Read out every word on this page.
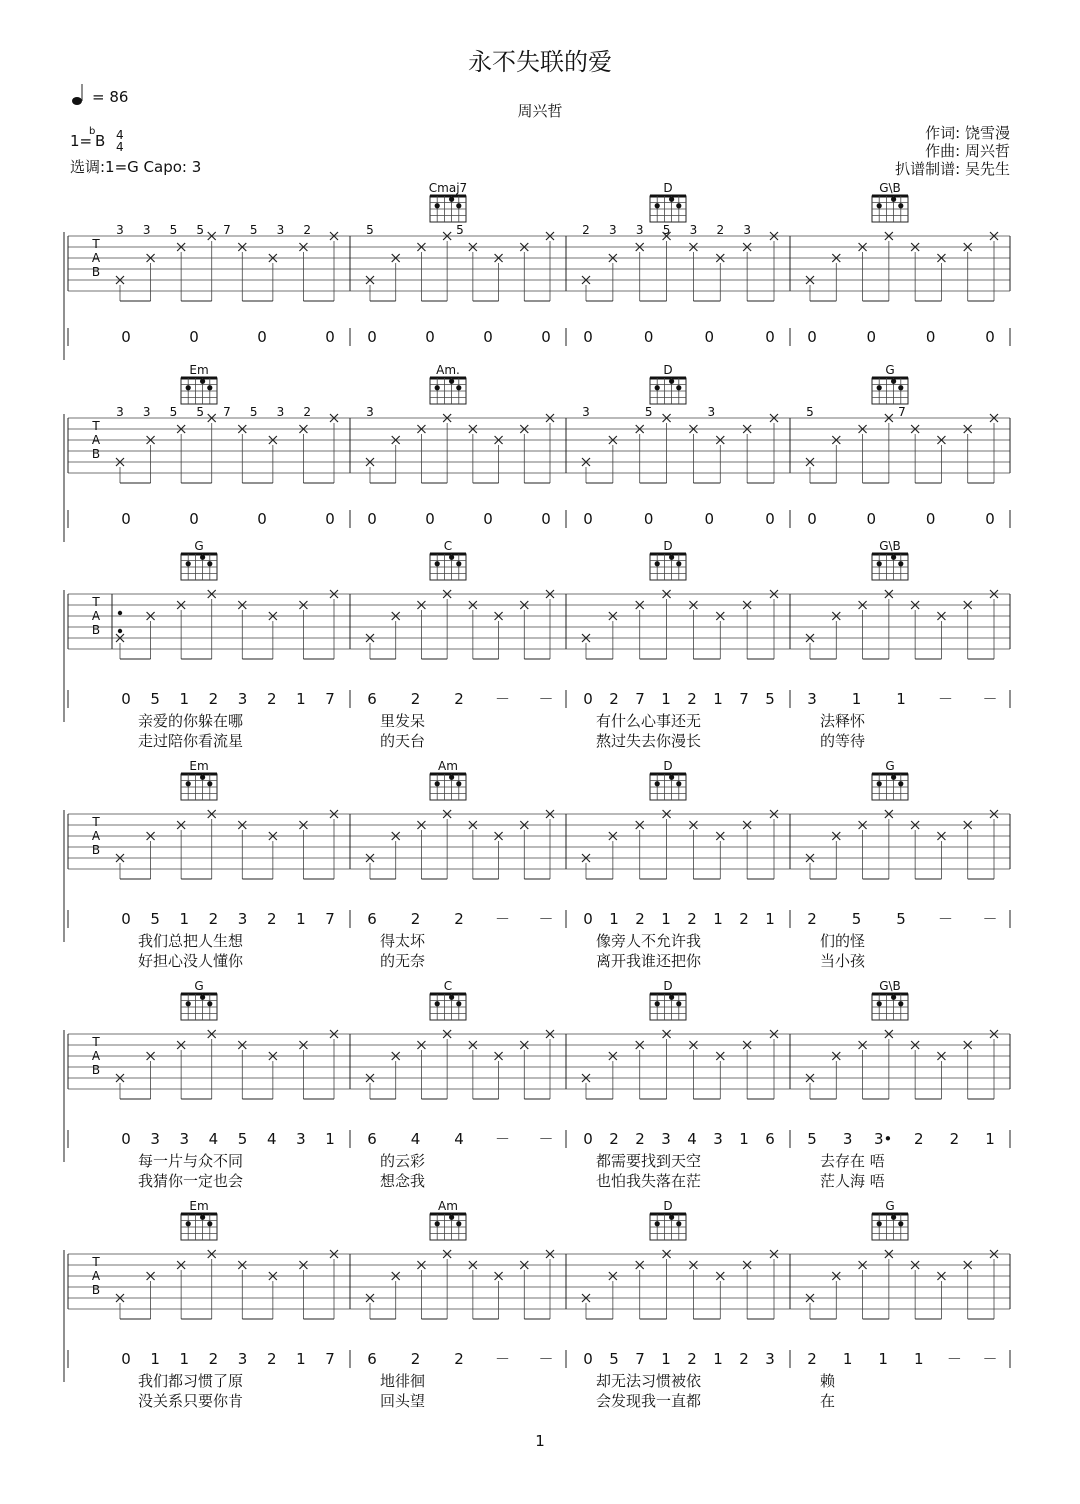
永不失联的爱
周兴哲
= 86
1=
b
B 4
4
选调:1=G Capo: 3
作词: 饶雪漫
作曲: 周兴哲
扒谱制谱: 吴先生
T
A
B
3 3 5 5 7 5 3 2
0	0	0	0
Cmaj7
5	5
0	0	0	0
D
2 3 3 5 3 2 3
0	0	0	0
G\B
0	0	0	0
T
A
B
Em
3 3 5 5 7 5 3 2
0	0	0	0
Am.
3
0	0	0	0
D
3	5	3
0	0	0	0
G
5	7
0	0	0	0
T
A
B
G
0 5 1 2 3 2 1 7
亲爱的你躲在哪
走过陪你看流星
C
6 2 2 － －
里发呆
的天台
D
0 2 7 1 2 1 7 5
有什么心事还无
熬过失去你漫长
G\B
3 1 1 － －
法释怀
的等待
T
A
B
Em
0 5 1 2 3 2 1 7
我们总把人生想
好担心没人懂你
Am
6 2 2 － －
得太坏
的无奈
D
0 1 2 1 2 1 2 1
像旁人不允许我
离开我谁还把你
G
2 5 5 － －
们的怪
当小孩
T
A
B
G
0 3 3 4 5 4 3 1
每一片与众不同
我猜你一定也会
C
6 4 4 － －
的云彩
想念我
D
0 2 2 3 4 3 1 6
都需要找到天空
也怕我失落在茫
G\B
5 3 3• 2 2 1
去存在 唔
茫人海 唔
T
A
B
Em
0 1 1 2 3 2 1 7
我们都习惯了原
没关系只要你肯
Am
6 2 2 － －
地徘徊
回头望
D
0 5 7 1 2 1 2 3
却无法习惯被依
会发现我一直都
G
2 1 1 1 － －
赖
在
1
